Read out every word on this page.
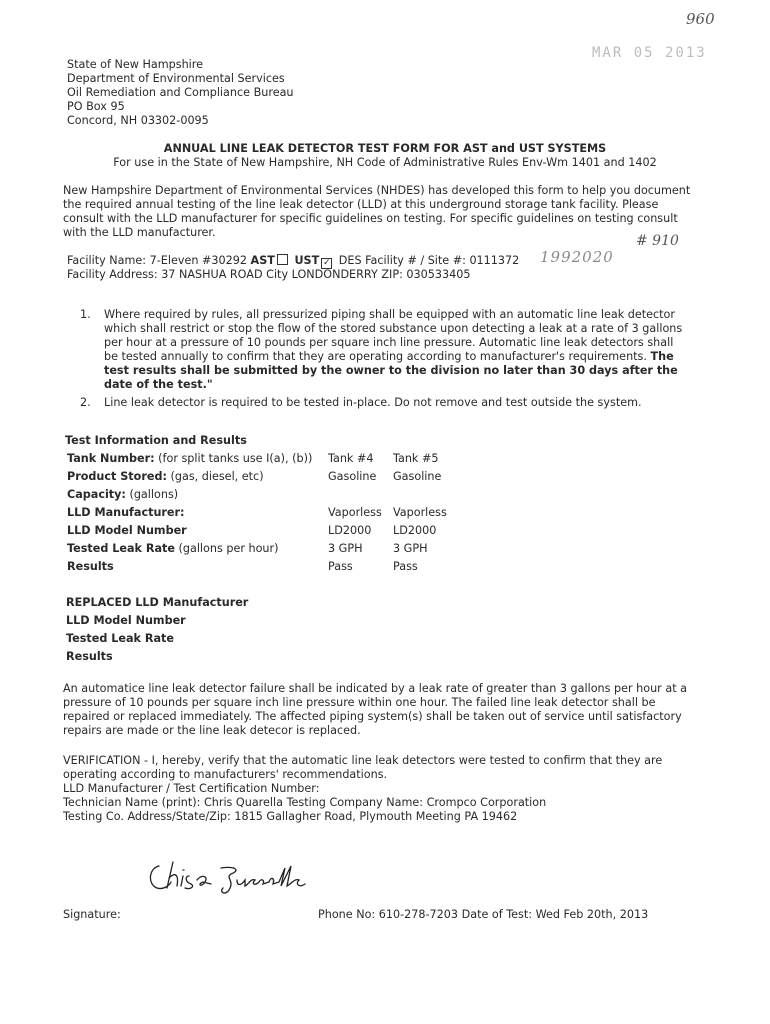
960
MAR 05 2013
State of New Hampshire
Department of Environmental Services
Oil Remediation and Compliance Bureau
PO Box 95
Concord, NH 03302-0095
ANNUAL LINE LEAK DETECTOR TEST FORM FOR AST and UST SYSTEMS
For use in the State of New Hampshire, NH Code of Administrative Rules Env-Wm 1401 and 1402
New Hampshire Department of Environmental Services (NHDES) has developed this form to help you document the required annual testing of the line leak detector (LLD) at this underground storage tank facility. Please consult with the LLD manufacturer for specific guidelines on testing. For specific guidelines on testing consult with the LLD manufacturer.
# 910
Facility Name: 7-Eleven #30292 AST UST ✓ DES Facility # / Site #: 0111372 1992020
Facility Address: 37 NASHUA ROAD City LONDONDERRY ZIP: 030533405
1. Where required by rules, all pressurized piping shall be equipped with an automatic line leak detector which shall restrict or stop the flow of the stored substance upon detecting a leak at a rate of 3 gallons per hour at a pressure of 10 pounds per square inch line pressure. Automatic line leak detectors shall be tested annually to confirm that they are operating according to manufacturer's requirements. The test results shall be submitted by the owner to the division no later than 30 days after the date of the test."
2. Line leak detector is required to be tested in-place. Do not remove and test outside the system.
Test Information and Results
Tank Number: (for split tanks use I(a), (b)) Tank #4 Tank #5
Product Stored: (gas, diesel, etc)	Gasoline Gasoline
Capacity: (gallons)
LLD Manufacturer:	Vaporless Vaporless
LLD Model Number	LD2000 LD2000
Tested Leak Rate (gallons per hour)	3 GPH	3 GPH
Results	Pass	Pass
REPLACED LLD Manufacturer
LLD Model Number
Tested Leak Rate
Results
An automatice line leak detector failure shall be indicated by a leak rate of greater than 3 gallons per hour at a pressure of 10 pounds per square inch line pressure within one hour. The failed line leak detector shall be repaired or replaced immediately. The affected piping system(s) shall be taken out of service until satisfactory repairs are made or the line leak detecor is replaced.
VERIFICATION - I, hereby, verify that the automatic line leak detectors were tested to confirm that they are operating according to manufacturers' recommendations.
LLD Manufacturer / Test Certification Number:
Technician Name (print): Chris Quarella Testing Company Name: Crompco Corporation
Testing Co. Address/State/Zip: 1815 Gallagher Road, Plymouth Meeting PA 19462
Signature:	Phone No: 610-278-7203 Date of Test: Wed Feb 20th, 2013
